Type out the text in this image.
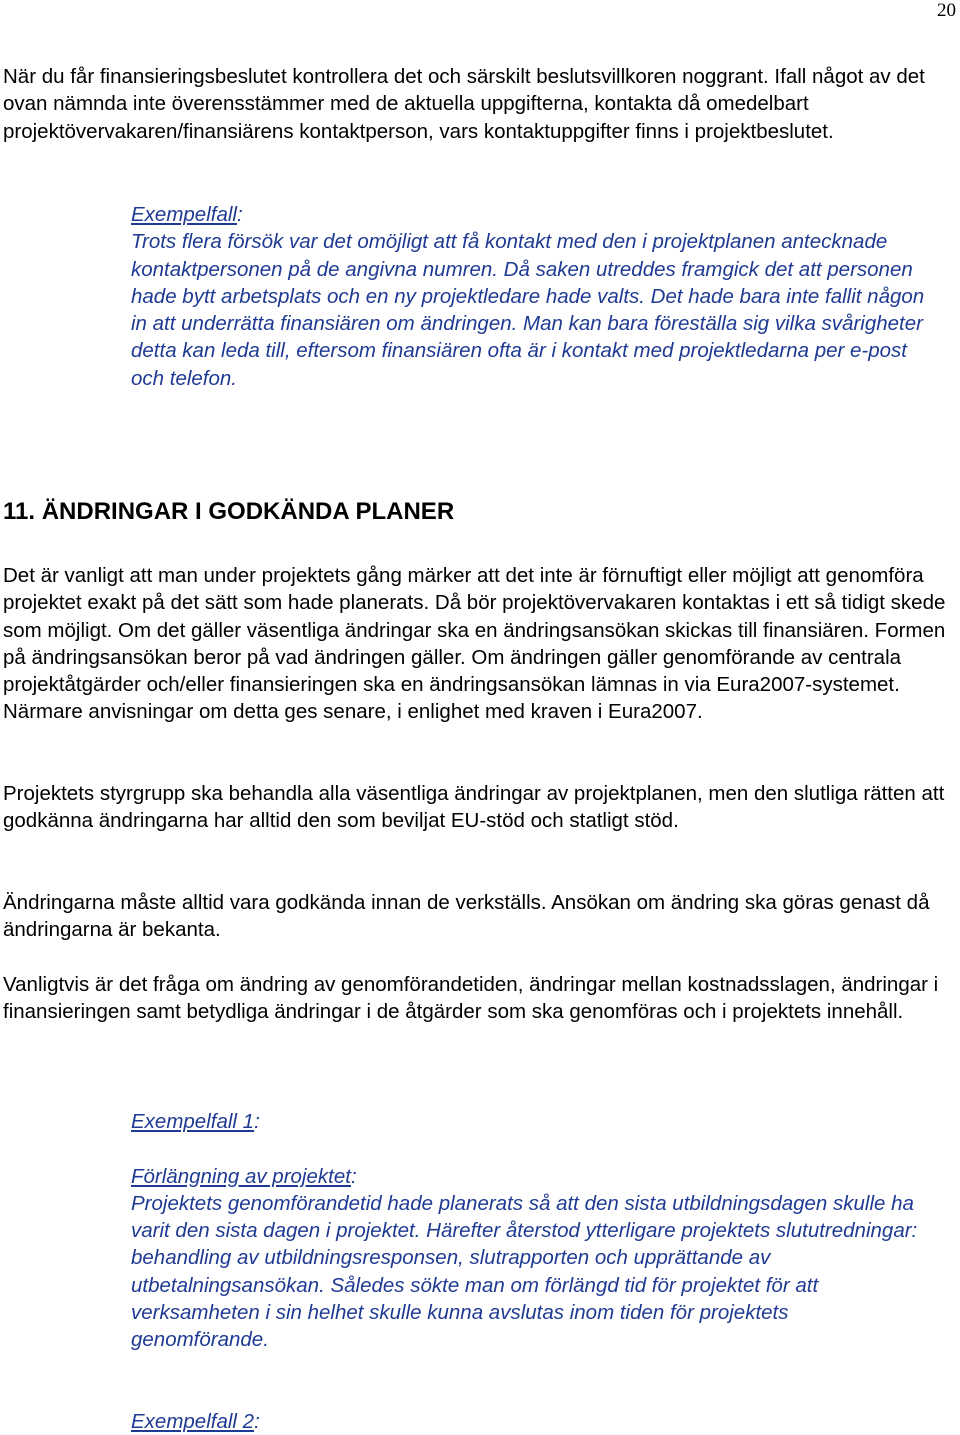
20

När du får finansieringsbeslutet kontrollera det och särskilt beslutsvillkoren noggrant. Ifall något av det ovan nämnda inte överensstämmer med de aktuella uppgifterna, kontakta då omedelbart projektövervakaren/finansiärens kontaktperson, vars kontaktuppgifter finns i projektbeslutet.

Exempelfall:
Trots flera försök var det omöjligt att få kontakt med den i projektplanen antecknade kontaktpersonen på de angivna numren. Då saken utreddes framgick det att personen hade bytt arbetsplats och en ny projektledare hade valts. Det hade bara inte fallit någon in att underrätta finansiären om ändringen. Man kan bara föreställa sig vilka svårigheter detta kan leda till, eftersom finansiären ofta är i kontakt med projektledarna per e-post och telefon.
11. ÄNDRINGAR I GODKÄNDA PLANER

Det är vanligt att man under projektets gång märker att det inte är förnuftigt eller möjligt att genomföra projektet exakt på det sätt som hade planerats. Då bör projektövervakaren kontaktas i ett så tidigt skede som möjligt. Om det gäller väsentliga ändringar ska en ändringsansökan skickas till finansiären. Formen på ändringsansökan beror på vad ändringen gäller. Om ändringen gäller genomförande av centrala projektåtgärder och/eller finansieringen ska en ändringsansökan lämnas in via Eura2007-systemet. Närmare anvisningar om detta ges senare, i enlighet med kraven i Eura2007.

Projektets styrgrupp ska behandla alla väsentliga ändringar av projektplanen, men den slutliga rätten att godkänna ändringarna har alltid den som beviljat EU-stöd och statligt stöd.

Ändringarna måste alltid vara godkända innan de verkställs. Ansökan om ändring ska göras genast då ändringarna är bekanta.

Vanligtvis är det fråga om ändring av genomförandetiden, ändringar mellan kostnadsslagen, ändringar i finansieringen samt betydliga ändringar i de åtgärder som ska genomföras och i projektets innehåll.

Exempelfall 1:
Förlängning av projektet:
Projektets genomförandetid hade planerats så att den sista utbildningsdagen skulle ha varit den sista dagen i projektet. Härefter återstod ytterligare projektets slututredningar: behandling av utbildningsresponsen, slutrapporten och upprättande av utbetalningsansökan. Således sökte man om förlängd tid för projektet för att verksamheten i sin helhet skulle kunna avslutas inom tiden för projektets genomförande.
Exempelfall 2:
